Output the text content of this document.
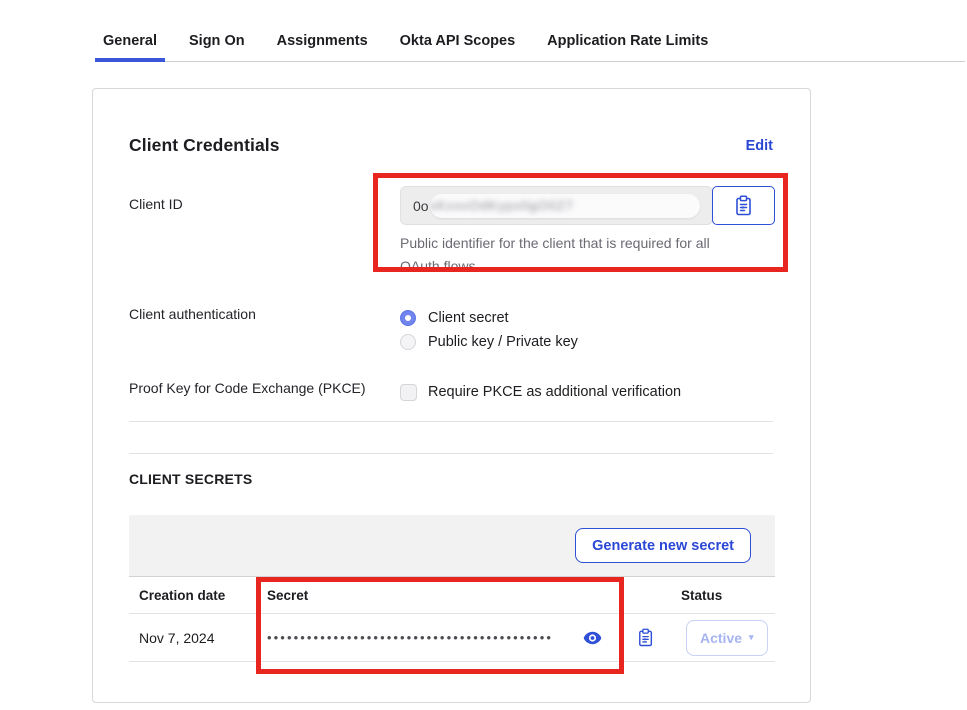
General	Sign On	Assignments	Okta API Scopes	Application Rate Limits
Client Credentials	Edit
Client ID	0o xKxxvOdKypxllgO0Z7

Public identifier for the client that is required for all OAuth flows.

Client authentication	Client secret
Public key / Private key
Proof Key for Code Exchange (PKCE)	Require PKCE as additional verification
CLIENT SECRETS
Generate new secret
Creation date	Secret	Status
Nov 7, 2024	•••••••••••••••••••••••••••••••••••••••••••	Active ▾
